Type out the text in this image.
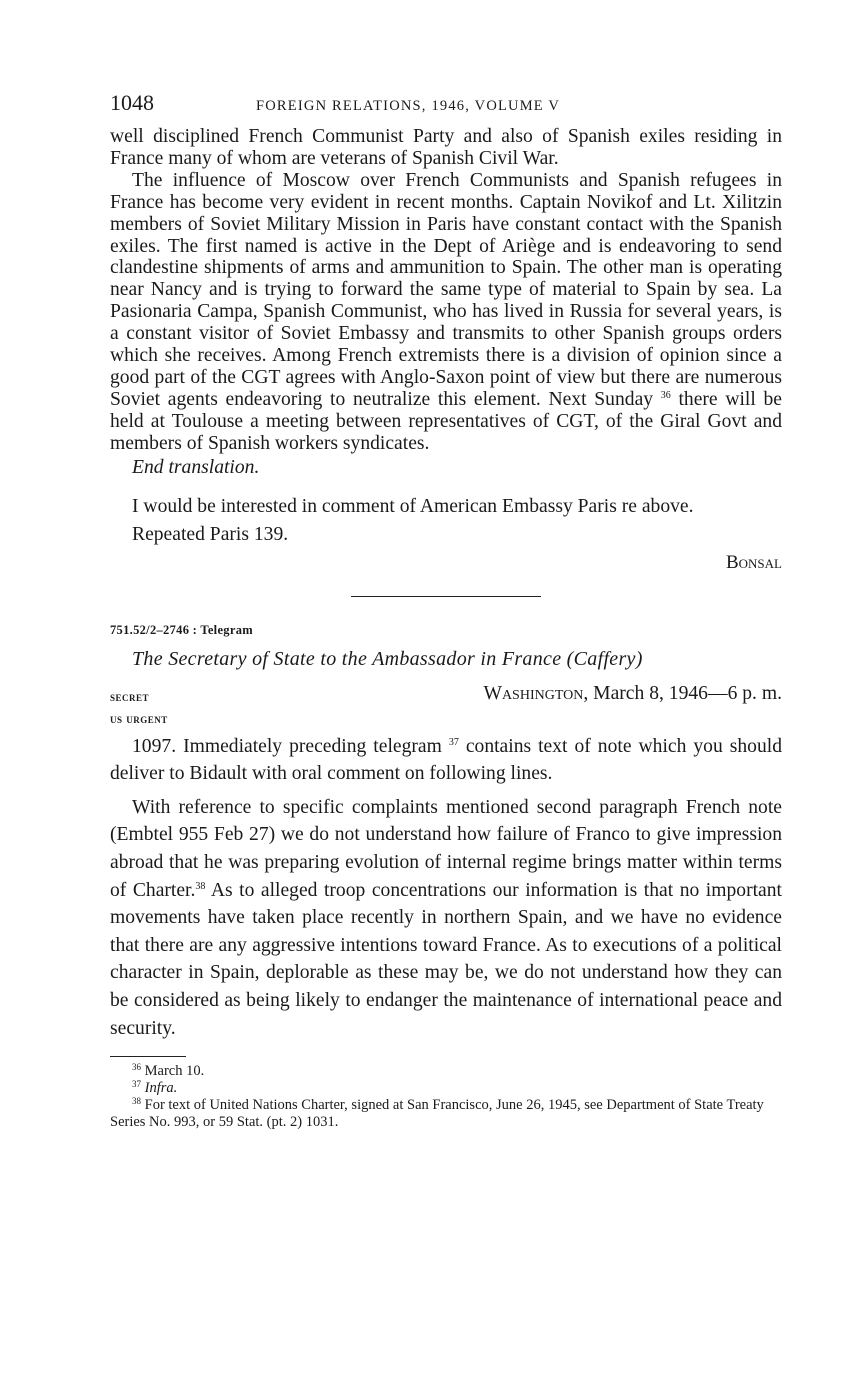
1048	FOREIGN RELATIONS, 1946, VOLUME V

well disciplined French Communist Party and also of Spanish exiles residing in France many of whom are veterans of Spanish Civil War.

The influence of Moscow over French Communists and Spanish refugees in France has become very evident in recent months. Captain Novikof and Lt. Xilitzin members of Soviet Military Mission in Paris have constant contact with the Spanish exiles. The first named is active in the Dept of Ariège and is endeavoring to send clandestine shipments of arms and ammunition to Spain. The other man is operating near Nancy and is trying to forward the same type of material to Spain by sea. La Pasionaria Campa, Spanish Communist, who has lived in Russia for several years, is a constant visitor of Soviet Embassy and transmits to other Spanish groups orders which she receives. Among French extremists there is a division of opinion since a good part of the CGT agrees with Anglo-Saxon point of view but there are numerous Soviet agents endeavoring to neutralize this element. Next Sunday $^{36}$ there will be held at Toulouse a meeting between representatives of CGT, of the Giral Govt and members of Spanish workers syndicates.

End translation.

I would be interested in comment of American Embassy Paris re above.

Repeated Paris 139.

Bonsal
751.52/2–2746 : Telegram
The Secretary of State to the Ambassador in France (Caffery)
secret	Washington, March 8, 1946—6 p. m.
us urgent

1097. Immediately preceding telegram $^{37}$ contains text of note which you should deliver to Bidault with oral comment on following lines.

With reference to specific complaints mentioned second paragraph French note (Embtel 955 Feb 27) we do not understand how failure of Franco to give impression abroad that he was preparing evolution of internal regime brings matter within terms of Charter.$^{38}$ As to alleged troop concentrations our information is that no important movements have taken place recently in northern Spain, and we have no evidence that there are any aggressive intentions toward France. As to executions of a political character in Spain, deplorable as these may be, we do not understand how they can be considered as being likely to endanger the maintenance of international peace and security.

$^{36}$ March 10.

$^{37}$ Infra.

$^{38}$ For text of United Nations Charter, signed at San Francisco, June 26, 1945, see Department of State Treaty Series No. 993, or 59 Stat. (pt. 2) 1031.
